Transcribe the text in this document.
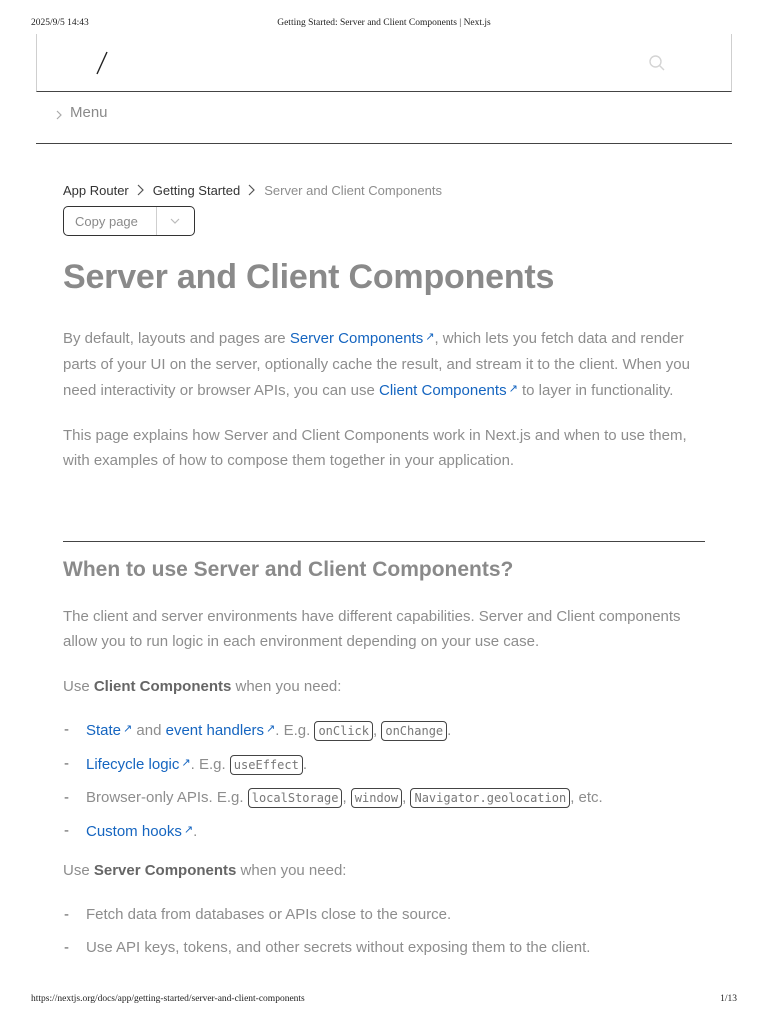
2025/9/5 14:43	Getting Started: Server and Client Components | Next.js
Menu
App Router Getting Started Server and Client Components
Copy page
Server and Client Components

By default, layouts and pages are Server Components ↗, which lets you fetch data and render parts of your UI on the server, optionally cache the result, and stream it to the client. When you need interactivity or browser APIs, you can use Client Components ↗ to layer in functionality.

This page explains how Server and Client Components work in Next.js and when to use them, with examples of how to compose them together in your application.

When to use Server and Client Components?

The client and server environments have different capabilities. Server and Client components allow you to run logic in each environment depending on your use case.

Use Client Components when you need:

- State ↗ and event handlers ↗. E.g. onClick , onChange .
- Lifecycle logic ↗. E.g. useEffect .
- Browser-only APIs. E.g. localStorage , window , Navigator.geolocation , etc.
- Custom hooks ↗.

Use Server Components when you need:

- Fetch data from databases or APIs close to the source.
- Use API keys, tokens, and other secrets without exposing them to the client.
https://nextjs.org/docs/app/getting-started/server-and-client-components	1/13
